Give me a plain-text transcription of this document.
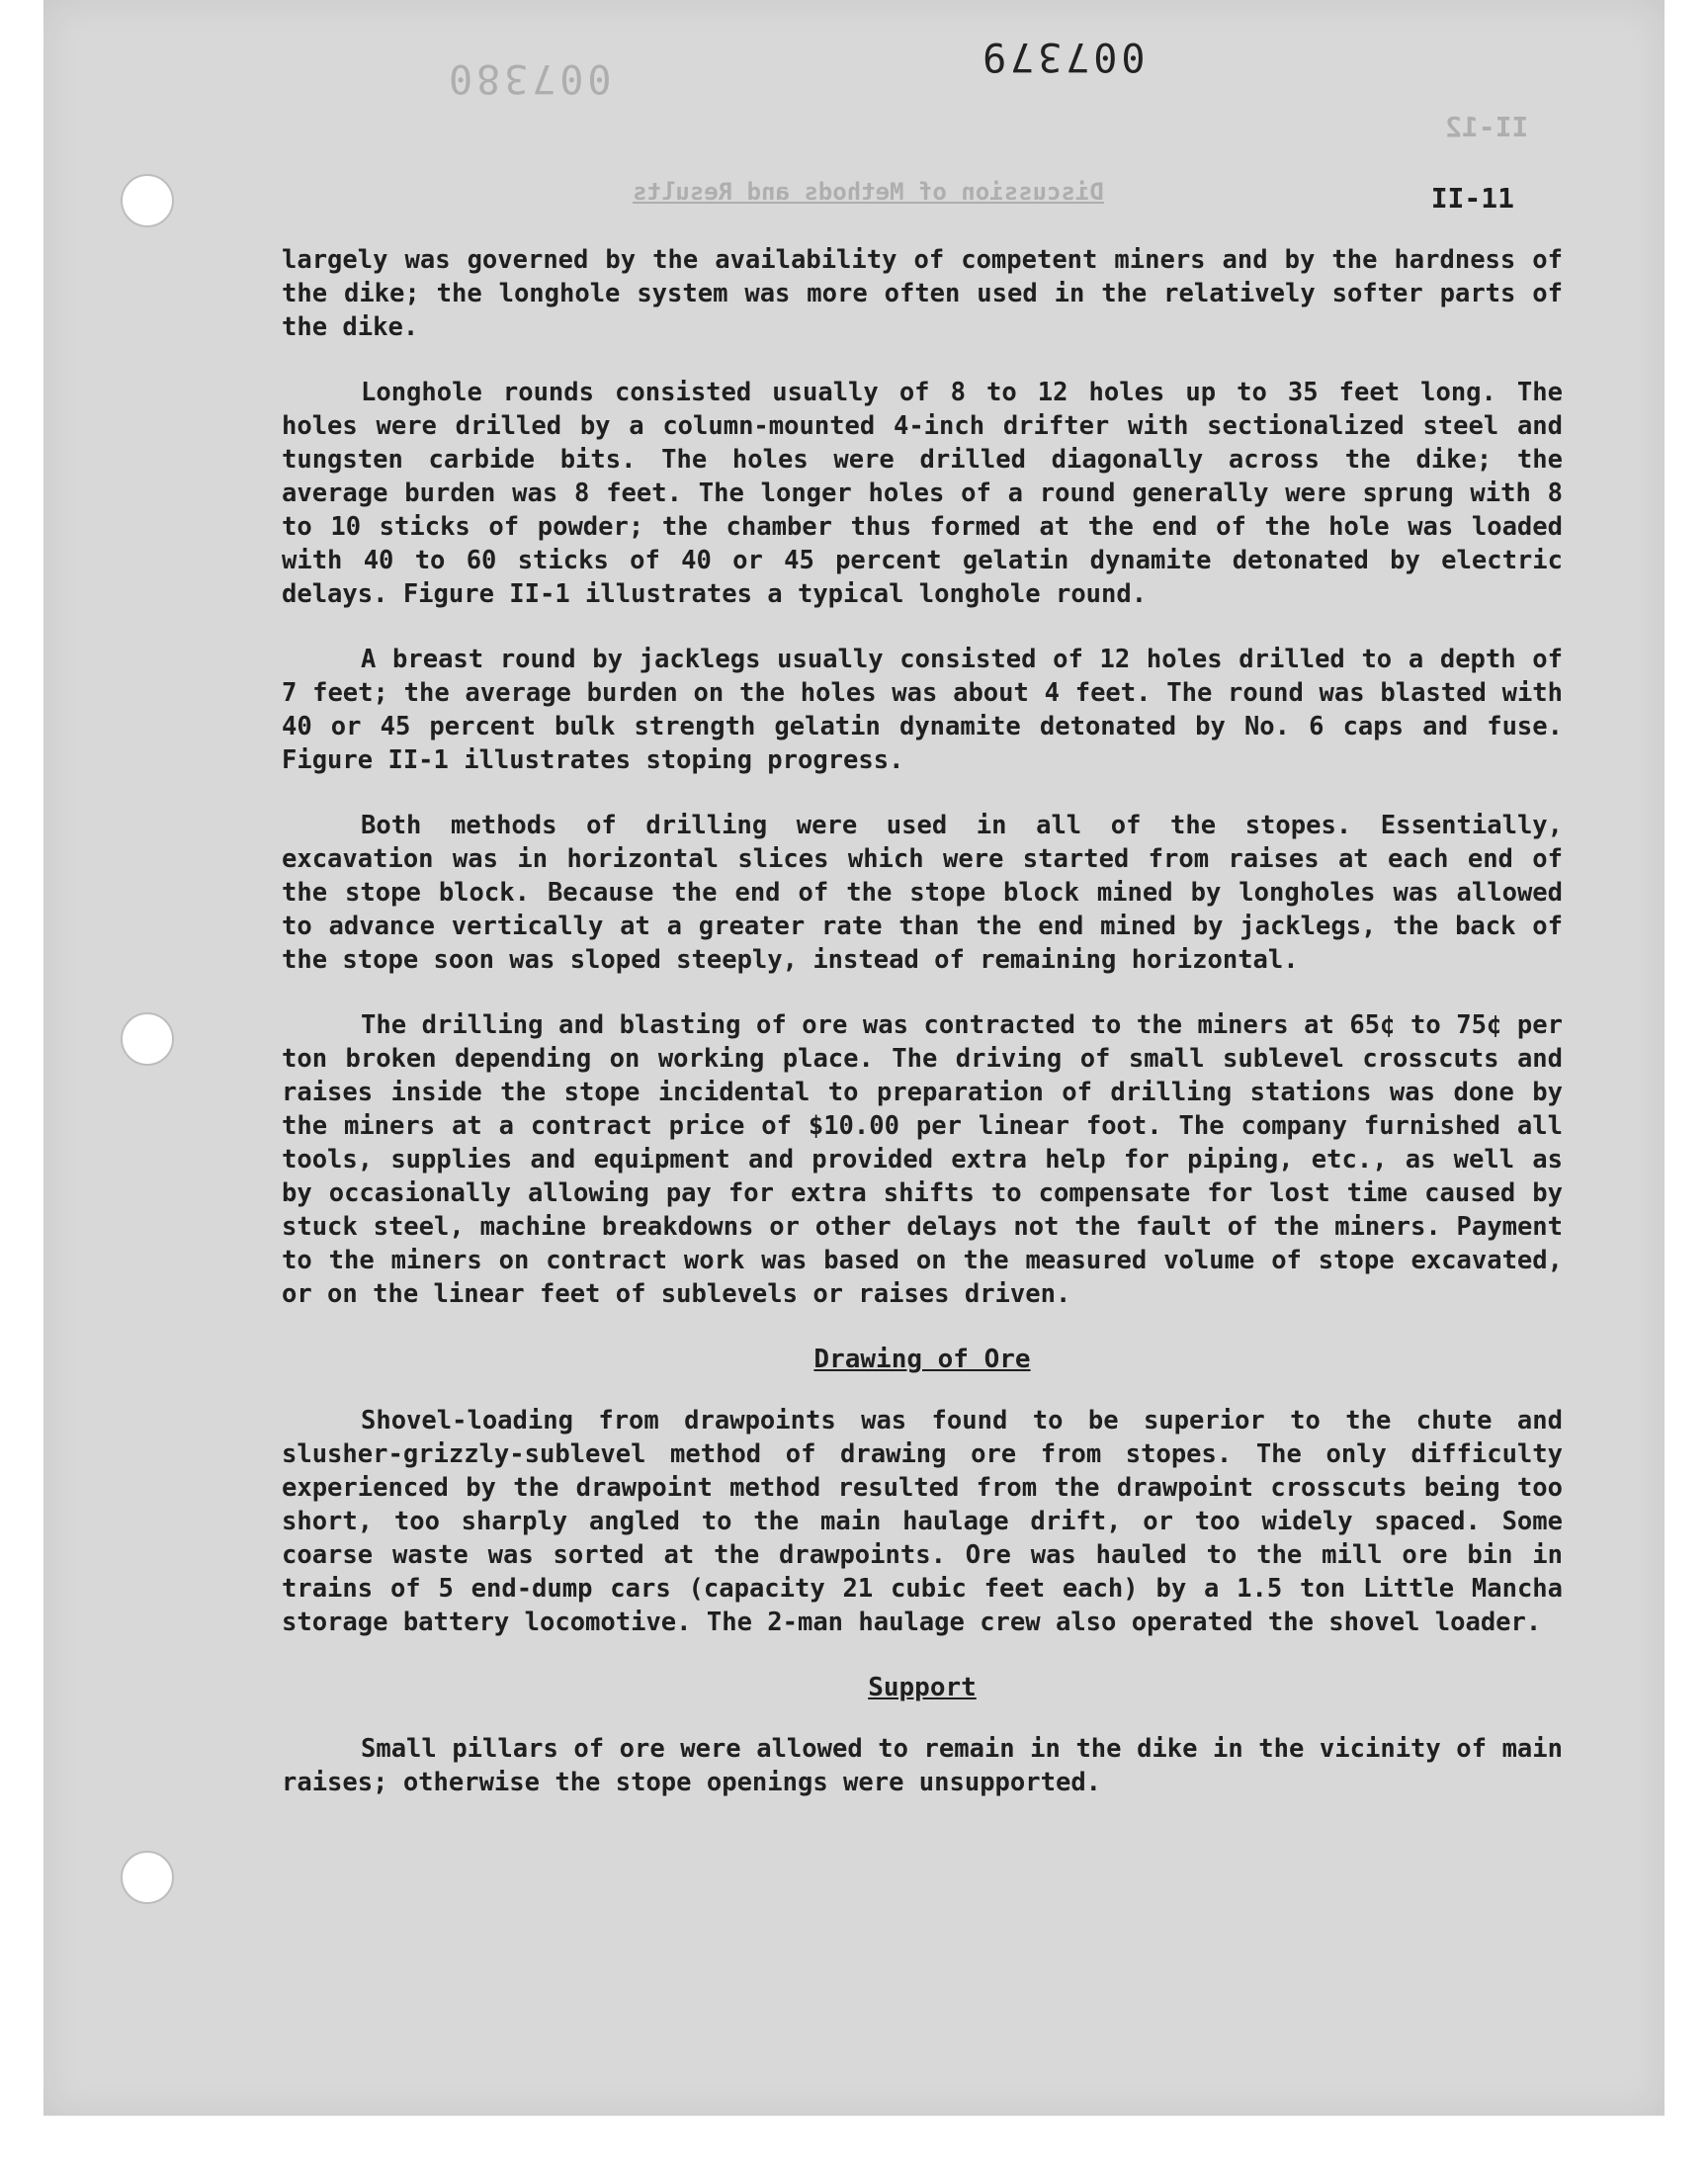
007379
007380
II-12
Discussion of Methods and Results	II-11

largely was governed by the availability of competent miners and by the hardness of the dike; the longhole system was more often used in the relatively softer parts of the dike.

Longhole rounds consisted usually of 8 to 12 holes up to 35 feet long. The holes were drilled by a column-mounted 4-inch drifter with sectionalized steel and tungsten carbide bits. The holes were drilled diagonally across the dike; the average burden was 8 feet. The longer holes of a round generally were sprung with 8 to 10 sticks of powder; the chamber thus formed at the end of the hole was loaded with 40 to 60 sticks of 40 or 45 percent gelatin dynamite detonated by electric delays. Figure II-1 illustrates a typical longhole round.

A breast round by jacklegs usually consisted of 12 holes drilled to a depth of 7 feet; the average burden on the holes was about 4 feet. The round was blasted with 40 or 45 percent bulk strength gelatin dynamite detonated by No. 6 caps and fuse. Figure II-1 illustrates stoping progress.

Both methods of drilling were used in all of the stopes. Essentially, excavation was in horizontal slices which were started from raises at each end of the stope block. Because the end of the stope block mined by longholes was allowed to advance vertically at a greater rate than the end mined by jacklegs, the back of the stope soon was sloped steeply, instead of remaining horizontal.

The drilling and blasting of ore was contracted to the miners at 65¢ to 75¢ per ton broken depending on working place. The driving of small sublevel crosscuts and raises inside the stope incidental to preparation of drilling stations was done by the miners at a contract price of $10.00 per linear foot. The company furnished all tools, supplies and equipment and provided extra help for piping, etc., as well as by occasionally allowing pay for extra shifts to compensate for lost time caused by stuck steel, machine breakdowns or other delays not the fault of the miners. Payment to the miners on contract work was based on the measured volume of stope excavated, or on the linear feet of sublevels or raises driven.

Drawing of Ore

Shovel-loading from drawpoints was found to be superior to the chute and slusher-grizzly-sublevel method of drawing ore from stopes. The only difficulty experienced by the drawpoint method resulted from the drawpoint crosscuts being too short, too sharply angled to the main haulage drift, or too widely spaced. Some coarse waste was sorted at the drawpoints. Ore was hauled to the mill ore bin in trains of 5 end-dump cars (capacity 21 cubic feet each) by a 1.5 ton Little Mancha storage battery locomotive. The 2-man haulage crew also operated the shovel loader.

Support

Small pillars of ore were allowed to remain in the dike in the vicinity of main raises; otherwise the stope openings were unsupported.
